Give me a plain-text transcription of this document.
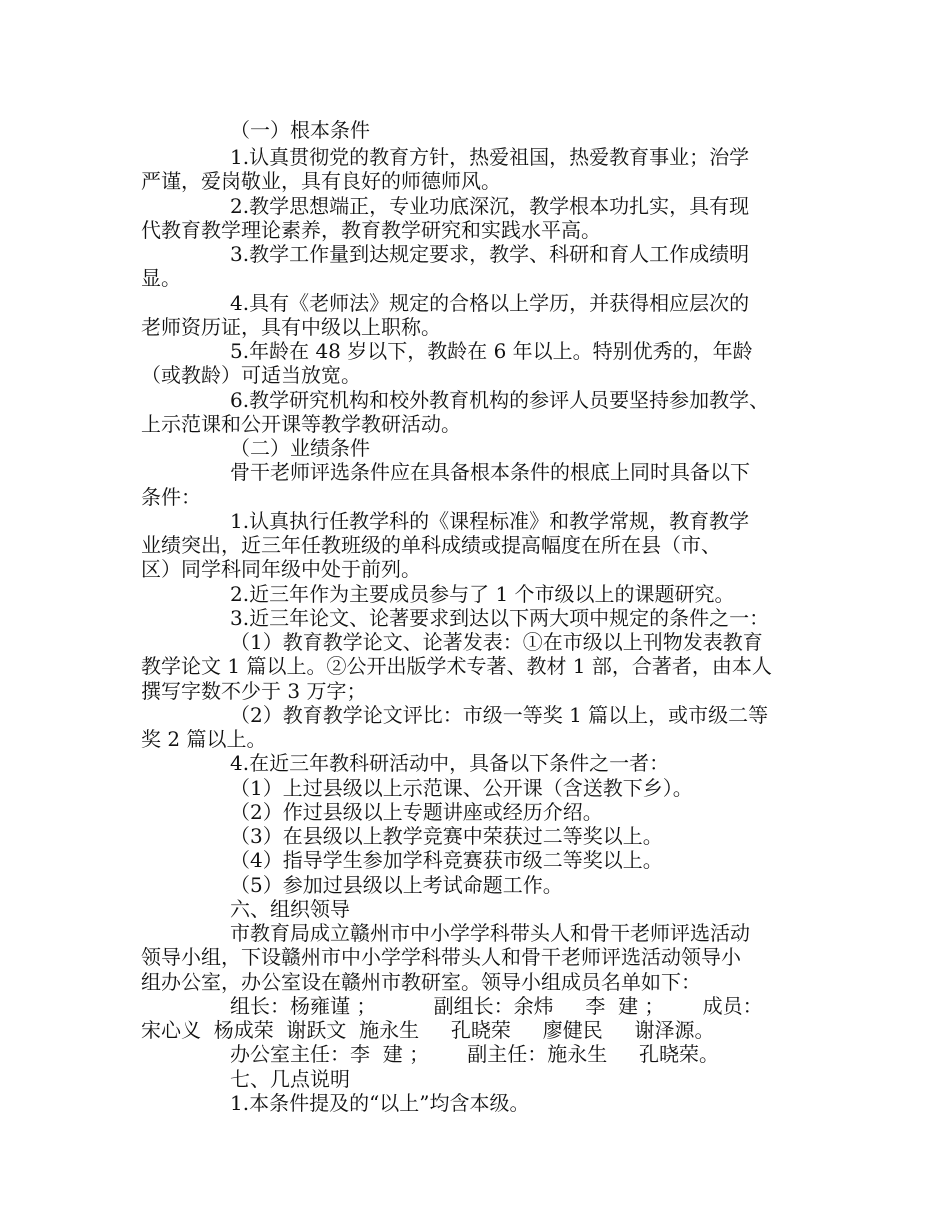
（一）根本条件

1.认真贯彻党的教育方针，热爱祖国，热爱教育事业；治学

严谨，爱岗敬业，具有良好的师德师风。

2.教学思想端正，专业功底深沉，教学根本功扎实，具有现

代教育教学理论素养，教育教学研究和实践水平高。

3.教学工作量到达规定要求，教学、科研和育人工作成绩明

显。

4.具有《老师法》规定的合格以上学历，并获得相应层次的

老师资历证，具有中级以上职称。

5.年龄在 48 岁以下，教龄在 6 年以上。特别优秀的，年龄

（或教龄）可适当放宽。

6.教学研究机构和校外教育机构的参评人员要坚持参加教学、

上示范课和公开课等教学教研活动。

（二）业绩条件

骨干老师评选条件应在具备根本条件的根底上同时具备以下

条件：

1.认真执行任教学科的《课程标准》和教学常规，教育教学

业绩突出，近三年任教班级的单科成绩或提高幅度在所在县（市、

区）同学科同年级中处于前列。

2.近三年作为主要成员参与了 1 个市级以上的课题研究。

3.近三年论文、论著要求到达以下两大项中规定的条件之一：

（1）教育教学论文、论著发表：①在市级以上刊物发表教育

教学论文 1 篇以上。②公开出版学术专著、教材 1 部，合著者，由本人

撰写字数不少于 3 万字；

（2）教育教学论文评比：市级一等奖 1 篇以上，或市级二等

奖 2 篇以上。

4.在近三年教科研活动中，具备以下条件之一者：

（1）上过县级以上示范课、公开课（含送教下乡）。

（2）作过县级以上专题讲座或经历介绍。

（3）在县级以上教学竞赛中荣获过二等奖以上。

（4）指导学生参加学科竞赛获市级二等奖以上。

（5）参加过县级以上考试命题工作。

六、组织领导

市教育局成立赣州市中小学学科带头人和骨干老师评选活动

领导小组，下设赣州市中小学学科带头人和骨干老师评选活动领导小

组办公室，办公室设在赣州市教研室。领导小组成员名单如下：

组长：杨雍谨 ；         副组长：余炜     李  建 ；      成员：

宋心义  杨成荣  谢跃文  施永生     孔晓荣     廖健民     谢泽源。

办公室主任：李  建 ；      副主任：施永生     孔晓荣。

七、几点说明

1.本条件提及的“以上”均含本级。
